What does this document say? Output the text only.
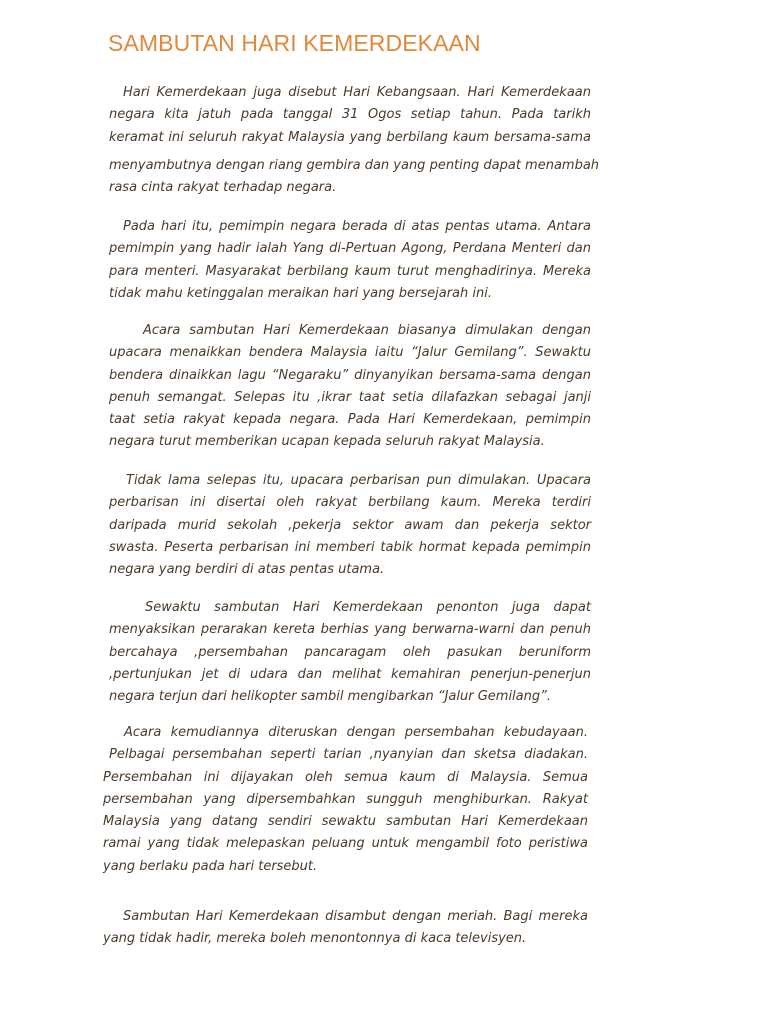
SAMBUTAN HARI KEMERDEKAAN
Hari Kemerdekaan juga disebut Hari Kebangsaan. Hari Kemerdekaan
negara kita jatuh pada tanggal 31 Ogos setiap tahun. Pada tarikh
keramat ini seluruh rakyat Malaysia yang berbilang kaum bersama-sama
menyambutnya dengan riang gembira dan yang penting dapat menambah
rasa cinta rakyat terhadap negara.
Pada hari itu, pemimpin negara berada di atas pentas utama. Antara
pemimpin yang hadir ialah Yang di-Pertuan Agong, Perdana Menteri dan
para menteri. Masyarakat berbilang kaum turut menghadirinya. Mereka
tidak mahu ketinggalan meraikan hari yang bersejarah ini.
Acara sambutan Hari Kemerdekaan biasanya dimulakan dengan
upacara menaikkan bendera Malaysia iaitu “Jalur Gemilang”. Sewaktu
bendera dinaikkan lagu “Negaraku” dinyanyikan bersama-sama dengan
penuh semangat. Selepas itu ,ikrar taat setia dilafazkan sebagai janji
taat setia rakyat kepada negara. Pada Hari Kemerdekaan, pemimpin
negara turut memberikan ucapan kepada seluruh rakyat Malaysia.
Tidak lama selepas itu, upacara perbarisan pun dimulakan. Upacara
perbarisan ini disertai oleh rakyat berbilang kaum. Mereka terdiri
daripada murid sekolah ,pekerja sektor awam dan pekerja sektor
swasta. Peserta perbarisan ini memberi tabik hormat kepada pemimpin
negara yang berdiri di atas pentas utama.
Sewaktu sambutan Hari Kemerdekaan penonton juga dapat
menyaksikan perarakan kereta berhias yang berwarna-warni dan penuh
bercahaya ,persembahan pancaragam oleh pasukan beruniform
,pertunjukan jet di udara dan melihat kemahiran penerjun-penerjun
negara terjun dari helikopter sambil mengibarkan “Jalur Gemilang”.
Acara kemudiannya diteruskan dengan persembahan kebudayaan.
Pelbagai persembahan seperti tarian ,nyanyian dan sketsa diadakan.
Persembahan ini dijayakan oleh semua kaum di Malaysia. Semua
persembahan yang dipersembahkan sungguh menghiburkan. Rakyat
Malaysia yang datang sendiri sewaktu sambutan Hari Kemerdekaan
ramai yang tidak melepaskan peluang untuk mengambil foto peristiwa
yang berlaku pada hari tersebut.
Sambutan Hari Kemerdekaan disambut dengan meriah. Bagi mereka
yang tidak hadir, mereka boleh menontonnya di kaca televisyen.
